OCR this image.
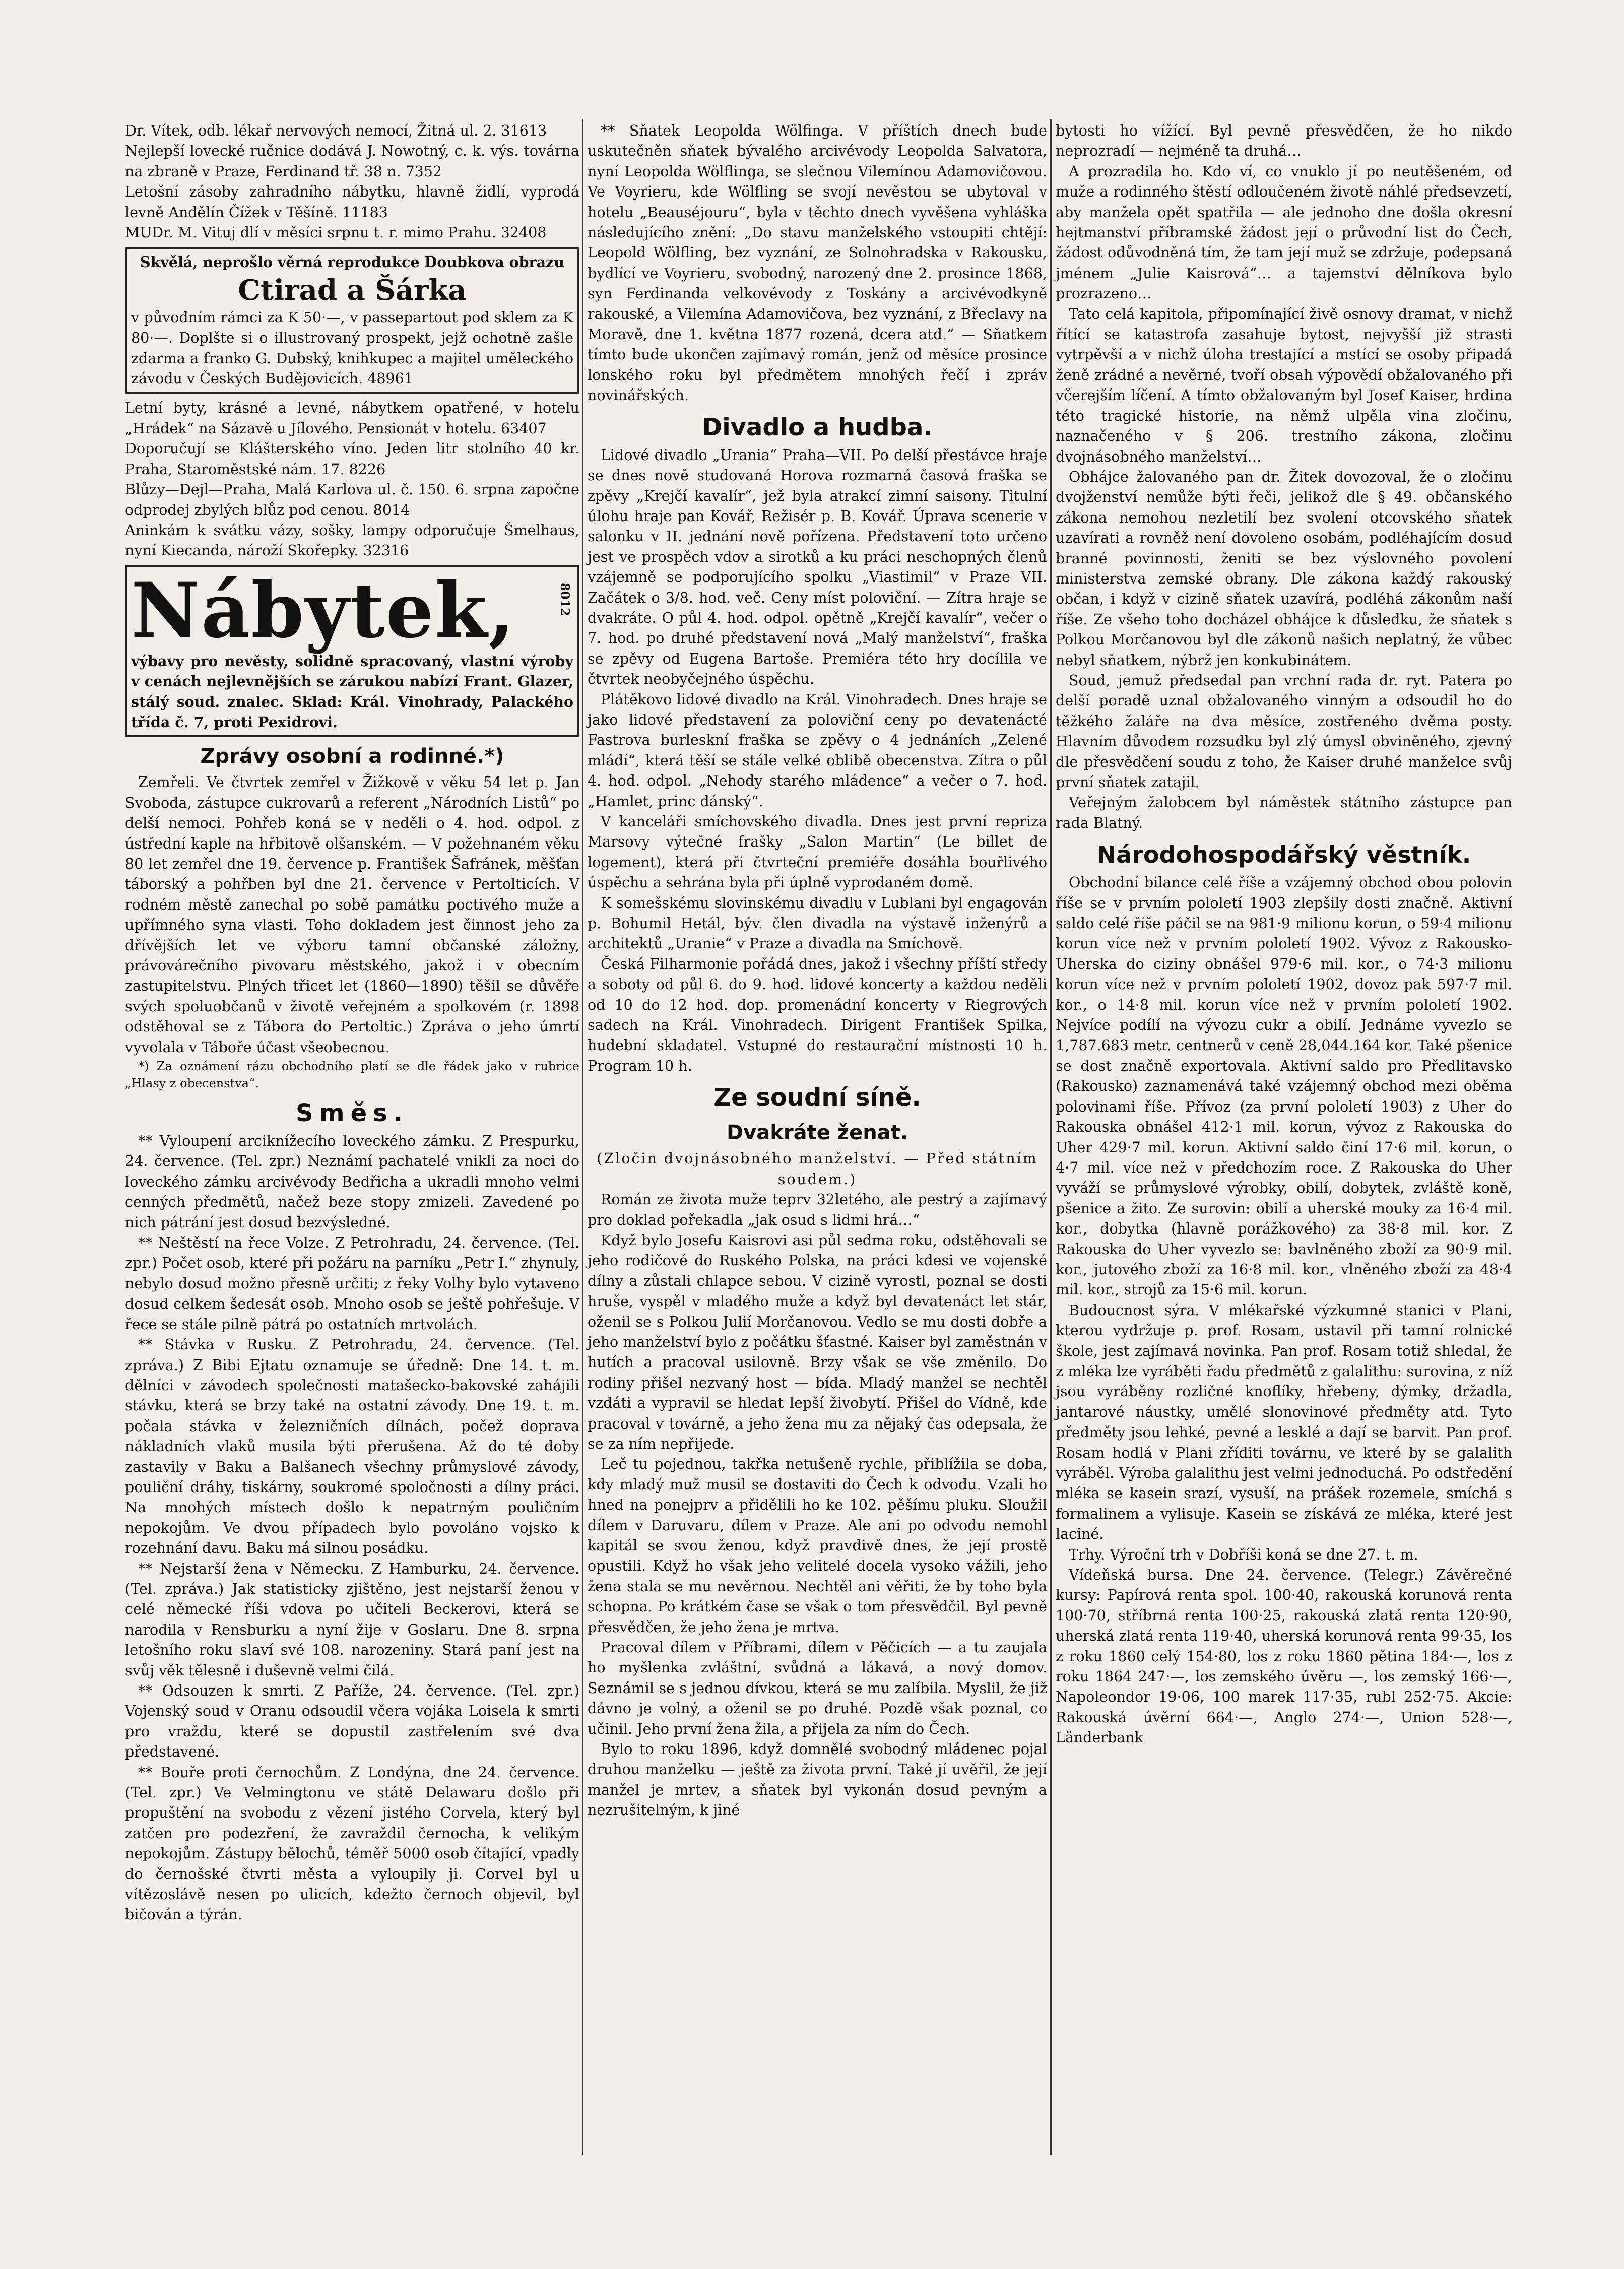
Dr. Vítek, odb. lékař nervových nemocí, Žitná ul. 2. 31613

Nejlepší lovecké ručnice dodává J. Nowotný, c. k. výs. továrna na zbraně v Praze, Ferdinand tř. 38 n. 7352

Letošní zásoby zahradního nábytku, hlavně židlí, vyprodá levně Andělín Čížek v Těšíně. 11183

MUDr. M. Vituj dlí v měsíci srpnu t. r. mimo Prahu. 32408

Skvělá, neprošlo věrná reprodukce Doubkova obrazu

Ctirad a Šárka

v původním rámci za K 50·—, v passepartout pod sklem za K 80·—. Doplšte si o illustrovaný prospekt, jejž ochotně zašle zdarma a franko G. Dubský, knihkupec a majitel uměleckého závodu v Českých Budějovicích. 48961

Letní byty, krásné a levné, nábytkem opatřené, v hotelu „Hrádek“ na Sázavě u Jílového. Pensionát v hotelu. 63407

Doporučují se Klášterského víno. Jeden litr stolního 40 kr. Praha, Staroměstské nám. 17. 8226

Blůzy—Dejl—Praha, Malá Karlova ul. č. 150. 6. srpna započne odprodej zbylých blůz pod cenou. 8014

Aninkám k svátku vázy, sošky, lampy odporučuje Šmelhaus, nyní Kiecanda, nároží Skořepky. 32316

Nábytek,	8012

výbavy pro nevěsty, solidně spracovaný, vlastní výroby v cenách nejlevnějších se zárukou nabízí Frant. Glazer, stálý soud. znalec. Sklad: Král. Vinohrady, Palackého třída č. 7, proti Pexidrovi.

Zprávy osobní a rodinné.*)

Zemřeli. Ve čtvrtek zemřel v Žižkově v věku 54 let p. Jan Svoboda, zástupce cukrovarů a referent „Národních Listů“ po delší nemoci. Pohřeb koná se v neděli o 4. hod. odpol. z ústřední kaple na hřbitově olšanském. — V požehnaném věku 80 let zemřel dne 19. července p. František Šafránek, měšťan táborský a pohřben byl dne 21. července v Pertolticích. V rodném městě zanechal po sobě památku poctivého muže a upřímného syna vlasti. Toho dokladem jest činnost jeho za dřívějších let ve výboru tamní občanské záložny, právovárečního pivovaru městského, jakož i v obecním zastupitelstvu. Plných třicet let (1860—1890) těšil se důvěře svých spoluobčanů v životě veřejném a spolkovém (r. 1898 odstěhoval se z Tábora do Pertoltic.) Zpráva o jeho úmrtí vyvolala v Táboře účast všeobecnou.

*) Za oznámení rázu obchodního platí se dle řádek jako v rubrice „Hlasy z obecenstva“.

Směs.

** Vyloupení arciknížecího loveckého zámku. Z Prespurku, 24. července. (Tel. zpr.) Neznámí pachatelé vnikli za noci do loveckého zámku arcivévody Bedřicha a ukradli mnoho velmi cenných předmětů, načež beze stopy zmizeli. Zavedené po nich pátrání jest dosud bezvýsledné.

** Neštěstí na řece Volze. Z Petrohradu, 24. července. (Tel. zpr.) Počet osob, které při požáru na parníku „Petr I.“ zhynuly, nebylo dosud možno přesně určiti; z řeky Volhy bylo vytaveno dosud celkem šedesát osob. Mnoho osob se ještě pohřešuje. V řece se stále pilně pátrá po ostatních mrtvolách.

** Stávka v Rusku. Z Petrohradu, 24. července. (Tel. zpráva.) Z Bibi Ejtatu oznamuje se úředně: Dne 14. t. m. dělníci v závodech společnosti matašecko-bakovské zahájili stávku, která se brzy také na ostatní závody. Dne 19. t. m. počala stávka v železničních dílnách, počež doprava nákladních vlaků musila býti přerušena. Až do té doby zastavily v Baku a Balšanech všechny průmyslové závody, pouliční dráhy, tiskárny, soukromé spoločnosti a dílny práci. Na mnohých místech došlo k nepatrným pouličním nepokojům. Ve dvou případech bylo povoláno vojsko k rozehnání davu. Baku má silnou posádku.

** Nejstarší žena v Německu. Z Hamburku, 24. července. (Tel. zpráva.) Jak statisticky zjištěno, jest nejstarší ženou v celé německé říši vdova po učiteli Beckerovi, která se narodila v Rensburku a nyní žije v Goslaru. Dne 8. srpna letošního roku slaví své 108. narozeniny. Stará paní jest na svůj věk tělesně i duševně velmi čilá.

** Odsouzen k smrti. Z Paříže, 24. července. (Tel. zpr.) Vojenský soud v Oranu odsoudil včera vojáka Loisela k smrti pro vraždu, které se dopustil zastřelením své dva představené.

** Bouře proti černochům. Z Londýna, dne 24. července. (Tel. zpr.) Ve Velmingtonu ve státě Delawaru došlo při propuštění na svobodu z vězení jistého Corvela, který byl zatčen pro podezření, že zavraždil černocha, k velikým nepokojům. Zástupy bělochů, téměř 5000 osob čítající, vpadly do černošské čtvrti města a vyloupily ji. Corvel byl u vítězoslávě nesen po ulicích, kdežto černoch objevil, byl bičován a týrán.

** Sňatek Leopolda Wölfinga. V příštích dnech bude uskutečněn sňatek bývalého arcivévody Leopolda Salvatora, nyní Leopolda Wölflinga, se slečnou Vilemínou Adamovičovou. Ve Voyrieru, kde Wölfling se svojí nevěstou se ubytoval v hotelu „Beauséjouru“, byla v těchto dnech vyvěšena vyhláška následujícího znění: „Do stavu manželského vstoupiti chtějí: Leopold Wölfling, bez vyznání, ze Solnohradska v Rakousku, bydlící ve Voyrieru, svobodný, narozený dne 2. prosince 1868, syn Ferdinanda velkovévody z Toskány a arcivévodkyně rakouské, a Vilemína Adamovičova, bez vyznání, z Břeclavy na Moravě, dne 1. května 1877 rozená, dcera atd.“ — Sňatkem tímto bude ukončen zajímavý román, jenž od měsíce prosince lonského roku byl předmětem mnohých řečí i zpráv novinářských.

Divadlo a hudba.

Lidové divadlo „Urania“ Praha—VII. Po delší přestávce hraje se dnes nově studovaná Horova rozmarná časová fraška se zpěvy „Krejčí kavalír“, jež byla atrakcí zimní saisony. Titulní úlohu hraje pan Kovář, Režisér p. B. Kovář. Úprava scenerie v salonku v II. jednání nově pořízena. Představení toto určeno jest ve prospěch vdov a sirotků a ku práci neschopných členů vzájemně se podporujícího spolku „Viastimil“ v Praze VII. Začátek o 3/8. hod. več. Ceny míst poloviční. — Zítra hraje se dvakráte. O půl 4. hod. odpol. opětně „Krejčí kavalír“, večer o 7. hod. po druhé představení nová „Malý manželství“, fraška se zpěvy od Eugena Bartoše. Premiéra této hry docílila ve čtvrtek neobyčejného úspěchu.

Plátěkovo lidové divadlo na Král. Vinohradech. Dnes hraje se jako lidové představení za poloviční ceny po devatenácté Fastrova burleskní fraška se zpěvy o 4 jednáních „Zelené mládí“, která těší se stále velké oblibě obecenstva. Zítra o půl 4. hod. odpol. „Nehody starého mládence“ a večer o 7. hod. „Hamlet, princ dánský“.

V kanceláři smíchovského divadla. Dnes jest první repriza Marsovy výtečné frašky „Salon Martin“ (Le billet de logement), která při čtvrteční premiéře dosáhla bouřlivého úspěchu a sehrána byla při úplně vyprodaném domě.

K somešskému slovinskému divadlu v Lublani byl engagován p. Bohumil Hetál, býv. člen divadla na výstavě inženýrů a architektů „Uranie“ v Praze a divadla na Smíchově.

Česká Filharmonie pořádá dnes, jakož i všechny příští středy a soboty od půl 6. do 9. hod. lidové koncerty a každou neděli od 10 do 12 hod. dop. promenádní koncerty v Riegrových sadech na Král. Vinohradech. Dirigent František Spilka, hudební skladatel. Vstupné do restaurační místnosti 10 h. Program 10 h.

Ze soudní síně.
Dvakráte ženat.

(Zločin dvojnásobného manželství. — Před státním soudem.)

Román ze života muže teprv 32letého, ale pestrý a zajímavý pro doklad pořekadla „jak osud s lidmi hrá…“

Když bylo Josefu Kaisrovi asi půl sedma roku, odstěhovali se jeho rodičové do Ruského Polska, na práci kdesi ve vojenské dílny a zůstali chlapce sebou. V cizině vyrostl, poznal se dosti hruše, vyspěl v mladého muže a když byl devatenáct let stár, oženil se s Polkou Julií Morčanovou. Vedlo se mu dosti dobře a jeho manželství bylo z počátku šťastné. Kaiser byl zaměstnán v hutích a pracoval usilovně. Brzy však se vše změnilo. Do rodiny přišel nezvaný host — bída. Mladý manžel se nechtěl vzdáti a vypravil se hledat lepší živobytí. Přišel do Vídně, kde pracoval v továrně, a jeho žena mu za nějaký čas odepsala, že se za ním nepřijede.

Leč tu pojednou, takřka netušeně rychle, přiblížila se doba, kdy mladý muž musil se dostaviti do Čech k odvodu. Vzali ho hned na ponejprv a přidělili ho ke 102. pěšímu pluku. Sloužil dílem v Daruvaru, dílem v Praze. Ale ani po odvodu nemohl kapitál se svou ženou, když pravdivě dnes, že její prostě opustili. Když ho však jeho velitelé docela vysoko vážili, jeho žena stala se mu nevěrnou. Nechtěl ani věřiti, že by toho byla schopna. Po krátkém čase se však o tom přesvědčil. Byl pevně přesvědčen, že jeho žena je mrtva.

Pracoval dílem v Příbrami, dílem v Pěčicích — a tu zaujala ho myšlenka zvláštní, svůdná a lákavá, a nový domov. Seznámil se s jednou dívkou, která se mu zalíbila. Myslil, že již dávno je volný, a oženil se po druhé. Pozdě však poznal, co učinil. Jeho první žena žila, a přijela za ním do Čech.

Bylo to roku 1896, když domnělé svobodný mládenec pojal druhou manželku — ještě za života první. Také jí uvěřil, že její manžel je mrtev, a sňatek byl vykonán dosud pevným a nezrušitelným, k jiné

bytosti ho vížící. Byl pevně přesvědčen, že ho nikdo neprozradí — nejméně ta druhá…

A prozradila ho. Kdo ví, co vnuklo jí po neutěšeném, od muže a rodinného štěstí odloučeném životě náhlé předsevzetí, aby manžela opět spatřila — ale jednoho dne došla okresní hejtmanství příbramské žádost její o průvodní list do Čech, žádost odůvodněná tím, že tam její muž se zdržuje, podepsaná jménem „Julie Kaisrová“… a tajemství dělníkova bylo prozrazeno…

Tato celá kapitola, připomínající živě osnovy dramat, v nichž řítící se katastrofa zasahuje bytost, nejvyšší již strasti vytrpěvší a v nichž úloha trestající a mstící se osoby připadá ženě zrádné a nevěrné, tvoří obsah výpovědí obžalovaného při včerejším líčení. A tímto obžalovaným byl Josef Kaiser, hrdina této tragické historie, na němž ulpěla vina zločinu, naznačeného v § 206. trestního zákona, zločinu dvojnásobného manželství…

Obhájce žalovaného pan dr. Žitek dovozoval, že o zločinu dvojženství nemůže býti řeči, jelikož dle § 49. občanského zákona nemohou nezletilí bez svolení otcovského sňatek uzavírati a rovněž není dovoleno osobám, podléhajícím dosud branné povinnosti, ženiti se bez výslovného povolení ministerstva zemské obrany. Dle zákona každý rakouský občan, i když v cizině sňatek uzavírá, podléhá zákonům naší říše. Ze všeho toho docházel obhájce k důsledku, že sňatek s Polkou Morčanovou byl dle zákonů našich neplatný, že vůbec nebyl sňatkem, nýbrž jen konkubinátem.

Soud, jemuž předsedal pan vrchní rada dr. ryt. Patera po delší poradě uznal obžalovaného vinným a odsoudil ho do těžkého žaláře na dva měsíce, zostřeného dvěma posty. Hlavním důvodem rozsudku byl zlý úmysl obviněného, zjevný dle přesvědčení soudu z toho, že Kaiser druhé manželce svůj první sňatek zatajil.

Veřejným žalobcem byl náměstek státního zástupce pan rada Blatný.

Národohospodářský věstník.

Obchodní bilance celé říše a vzájemný obchod obou polovin říše se v prvním pololetí 1903 zlepšily dosti značně. Aktivní saldo celé říše páčil se na 981·9 milionu korun, o 59·4 milionu korun více než v prvním pololetí 1902. Vývoz z Rakousko-Uherska do ciziny obnášel 979·6 mil. kor., o 74·3 milionu korun více než v prvním pololetí 1902, dovoz pak 597·7 mil. kor., o 14·8 mil. korun více než v prvním pololetí 1902. Nejvíce podílí na vývozu cukr a obilí. Jednáme vyvezlo se 1,787.683 metr. centnerů v ceně 28,044.164 kor. Také pšenice se dost značně exportovala. Aktivní saldo pro Předlitavsko (Rakousko) zaznamenává také vzájemný obchod mezi oběma polovinami říše. Přívoz (za první pololetí 1903) z Uher do Rakouska obnášel 412·1 mil. korun, vývoz z Rakouska do Uher 429·7 mil. korun. Aktivní saldo činí 17·6 mil. korun, o 4·7 mil. více než v předchozím roce. Z Rakouska do Uher vyváží se průmyslové výrobky, obilí, dobytek, zvláště koně, pšenice a žito. Ze surovin: obilí a uherské mouky za 16·4 mil. kor., dobytka (hlavně porážkového) za 38·8 mil. kor. Z Rakouska do Uher vyvezlo se: bavlněného zboží za 90·9 mil. kor., jutového zboží za 16·8 mil. kor., vlněného zboží za 48·4 mil. kor., strojů za 15·6 mil. korun.

Budoucnost sýra. V mlékařské výzkumné stanici v Plani, kterou vydržuje p. prof. Rosam, ustavil při tamní rolnické škole, jest zajímavá novinka. Pan prof. Rosam totiž shledal, že z mléka lze vyráběti řadu předmětů z galalithu: surovina, z níž jsou vyráběny rozličné knoflíky, hřebeny, dýmky, držadla, jantarové náustky, umělé slonovinové předměty atd. Tyto předměty jsou lehké, pevné a lesklé a dají se barvit. Pan prof. Rosam hodlá v Plani zříditi továrnu, ve které by se galalith vyráběl. Výroba galalithu jest velmi jednoduchá. Po odstředění mléka se kasein srazí, vysuší, na prášek rozemele, smíchá s formalinem a vylisuje. Kasein se získává ze mléka, které jest laciné.

Trhy. Výroční trh v Dobříši koná se dne 27. t. m.

Vídeňská bursa. Dne 24. července. (Telegr.) Závěrečné kursy: Papírová renta spol. 100·40, rakouská korunová renta 100·70, stříbrná renta 100·25, rakouská zlatá renta 120·90, uherská zlatá renta 119·40, uherská korunová renta 99·35, los z roku 1860 celý 154·80, los z roku 1860 pětina 184·—, los z roku 1864 247·—, los zemského úvěru —, los zemský 166·—, Napoleondor 19·06, 100 marek 117·35, rubl 252·75. Akcie: Rakouská úvěrní 664·—, Anglo 274·—, Union 528·—, Länderbank
